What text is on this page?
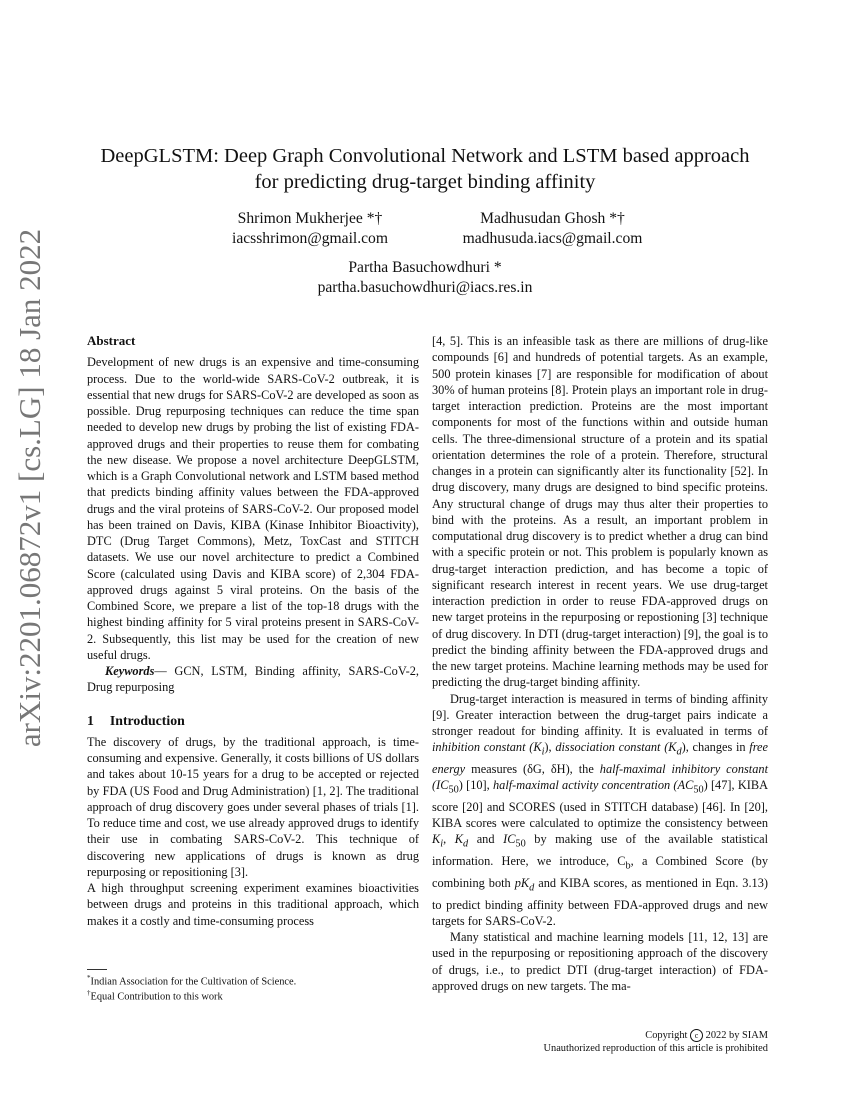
arXiv:2201.06872v1 [cs.LG] 18 Jan 2022
DeepGLSTM: Deep Graph Convolutional Network and LSTM based approach
for predicting drug-target binding affinity
Shrimon Mukherjee *†
iacsshrimon@gmail.com
Madhusudan Ghosh *†
madhusuda.iacs@gmail.com
Partha Basuchowdhuri *
partha.basuchowdhuri@iacs.res.in
Abstract

Development of new drugs is an expensive and time-consuming process. Due to the world-wide SARS-CoV-2 outbreak, it is essential that new drugs for SARS-CoV-2 are developed as soon as possible. Drug repurposing techniques can reduce the time span needed to develop new drugs by probing the list of existing FDA-approved drugs and their properties to reuse them for combating the new disease. We propose a novel architecture DeepGLSTM, which is a Graph Convolutional network and LSTM based method that predicts binding affinity values between the FDA-approved drugs and the viral proteins of SARS-CoV-2. Our proposed model has been trained on Davis, KIBA (Kinase Inhibitor Bioactivity), DTC (Drug Target Commons), Metz, ToxCast and STITCH datasets. We use our novel architecture to predict a Combined Score (calculated using Davis and KIBA score) of 2,304 FDA-approved drugs against 5 viral proteins. On the basis of the Combined Score, we prepare a list of the top-18 drugs with the highest binding affinity for 5 viral proteins present in SARS-CoV-2. Subsequently, this list may be used for the creation of new useful drugs.

Keywords— GCN, LSTM, Binding affinity, SARS-CoV-2, Drug repurposing

1 Introduction

The discovery of drugs, by the traditional approach, is time-consuming and expensive. Generally, it costs billions of US dollars and takes about 10-15 years for a drug to be accepted or rejected by FDA (US Food and Drug Administration) [1, 2]. The traditional approach of drug discovery goes under several phases of trials [1]. To reduce time and cost, we use already approved drugs to identify their use in combating SARS-CoV-2. This technique of discovering new applications of drugs is known as drug repurposing or repositioning [3].

A high throughput screening experiment examines bioactivities between drugs and proteins in this traditional approach, which makes it a costly and time-consuming process

[4, 5]. This is an infeasible task as there are millions of drug-like compounds [6] and hundreds of potential targets. As an example, 500 protein kinases [7] are responsible for modification of about 30% of human proteins [8]. Protein plays an important role in drug-target interaction prediction. Proteins are the most important components for most of the functions within and outside human cells. The three-dimensional structure of a protein and its spatial orientation determines the role of a protein. Therefore, structural changes in a protein can significantly alter its functionality [52]. In drug discovery, many drugs are designed to bind specific proteins. Any structural change of drugs may thus alter their properties to bind with the proteins. As a result, an important problem in computational drug discovery is to predict whether a drug can bind with a specific protein or not. This problem is popularly known as drug-target interaction prediction, and has become a topic of significant research interest in recent years. We use drug-target interaction prediction in order to reuse FDA-approved drugs on new target proteins in the repurposing or repostioning [3] technique of drug discovery. In DTI (drug-target interaction) [9], the goal is to predict the binding affinity between the FDA-approved drugs and the new target proteins. Machine learning methods may be used for predicting the drug-target binding affinity.

Drug-target interaction is measured in terms of binding affinity [9]. Greater interaction between the drug-target pairs indicate a stronger readout for binding affinity. It is evaluated in terms of inhibition constant $(K_i)$, dissociation constant $(K_d)$, changes in free energy measures (δG, δH), the half-maximal inhibitory constant $(IC_{50})$ [10], half-maximal activity concentration $(AC_{50})$ [47], KIBA score [20] and SCORES (used in STITCH database) [46]. In [20], KIBA scores were calculated to optimize the consistency between $K_i$, $K_d$ and $IC_{50}$ by making use of the available statistical information. Here, we introduce, $C_b$, a Combined Score (by combining both $pK_d$ and KIBA scores, as mentioned in Eqn. 3.13) to predict binding affinity between FDA-approved drugs and new targets for SARS-CoV-2.

Many statistical and machine learning models [11, 12, 13] are used in the repurposing or repositioning approach of the discovery of drugs, i.e., to predict DTI (drug-target interaction) of FDA-approved drugs on new targets. The ma-

*Indian Association for the Cultivation of Science.
†Equal Contribution to this work
Copyright c 2022 by SIAM
Unauthorized reproduction of this article is prohibited
